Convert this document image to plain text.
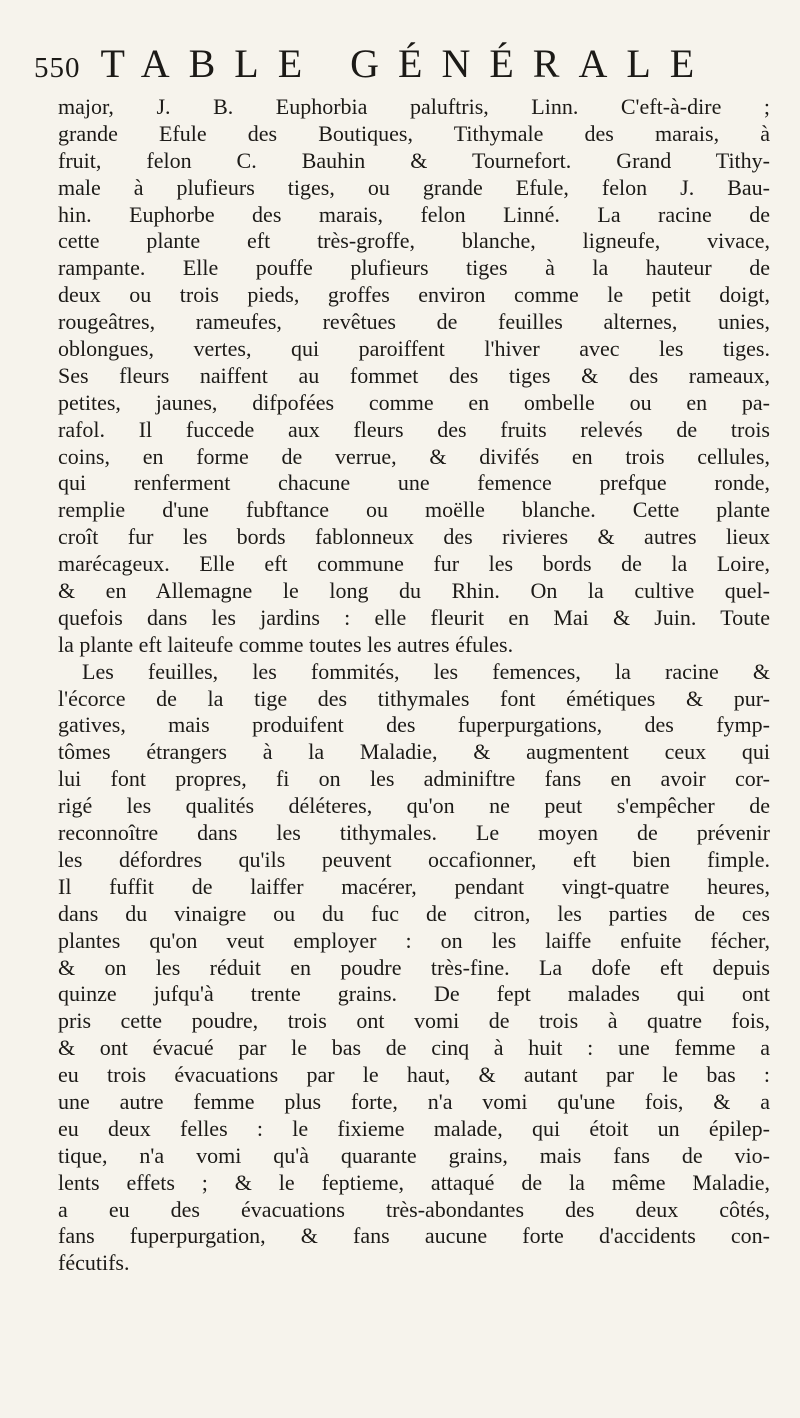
550 TABLE GÉNÉRALE
major, J. B. Euphorbia paluftris, Linn. C'eft-à-dire ;
grande Efule des Boutiques, Tithymale des marais, à
fruit, felon C. Bauhin & Tournefort. Grand Tithy-
male à plufieurs tiges, ou grande Efule, felon J. Bau-
hin. Euphorbe des marais, felon Linné. La racine de
cette plante eft très-groffe, blanche, ligneufe, vivace,
rampante. Elle pouffe plufieurs tiges à la hauteur de
deux ou trois pieds, groffes environ comme le petit doigt,
rougeâtres, rameufes, revêtues de feuilles alternes, unies,
oblongues, vertes, qui paroiffent l'hiver avec les tiges.
Ses fleurs naiffent au fommet des tiges & des rameaux,
petites, jaunes, difpofées comme en ombelle ou en pa-
rafol. Il fuccede aux fleurs des fruits relevés de trois
coins, en forme de verrue, & divifés en trois cellules,
qui renferment chacune une femence prefque ronde,
remplie d'une fubftance ou moëlle blanche. Cette plante
croît fur les bords fablonneux des rivieres & autres lieux
marécageux. Elle eft commune fur les bords de la Loire,
& en Allemagne le long du Rhin. On la cultive quel-
quefois dans les jardins : elle fleurit en Mai & Juin. Toute
la plante eft laiteufe comme toutes les autres éfules.
Les feuilles, les fommités, les femences, la racine &
l'écorce de la tige des tithymales font émétiques & pur-
gatives, mais produifent des fuperpurgations, des fymp-
tômes étrangers à la Maladie, & augmentent ceux qui
lui font propres, fi on les adminiftre fans en avoir cor-
rigé les qualités déléteres, qu'on ne peut s'empêcher de
reconnoître dans les tithymales. Le moyen de prévenir
les défordres qu'ils peuvent occafionner, eft bien fimple.
Il fuffit de laiffer macérer, pendant vingt-quatre heures,
dans du vinaigre ou du fuc de citron, les parties de ces
plantes qu'on veut employer : on les laiffe enfuite fécher,
& on les réduit en poudre très-fine. La dofe eft depuis
quinze jufqu'à trente grains. De fept malades qui ont
pris cette poudre, trois ont vomi de trois à quatre fois,
& ont évacué par le bas de cinq à huit : une femme a
eu trois évacuations par le haut, & autant par le bas :
une autre femme plus forte, n'a vomi qu'une fois, & a
eu deux felles : le fixieme malade, qui étoit un épilep-
tique, n'a vomi qu'à quarante grains, mais fans de vio-
lents effets ; & le feptieme, attaqué de la même Maladie,
a eu des évacuations très-abondantes des deux côtés,
fans fuperpurgation, & fans aucune forte d'accidents con-
fécutifs.
